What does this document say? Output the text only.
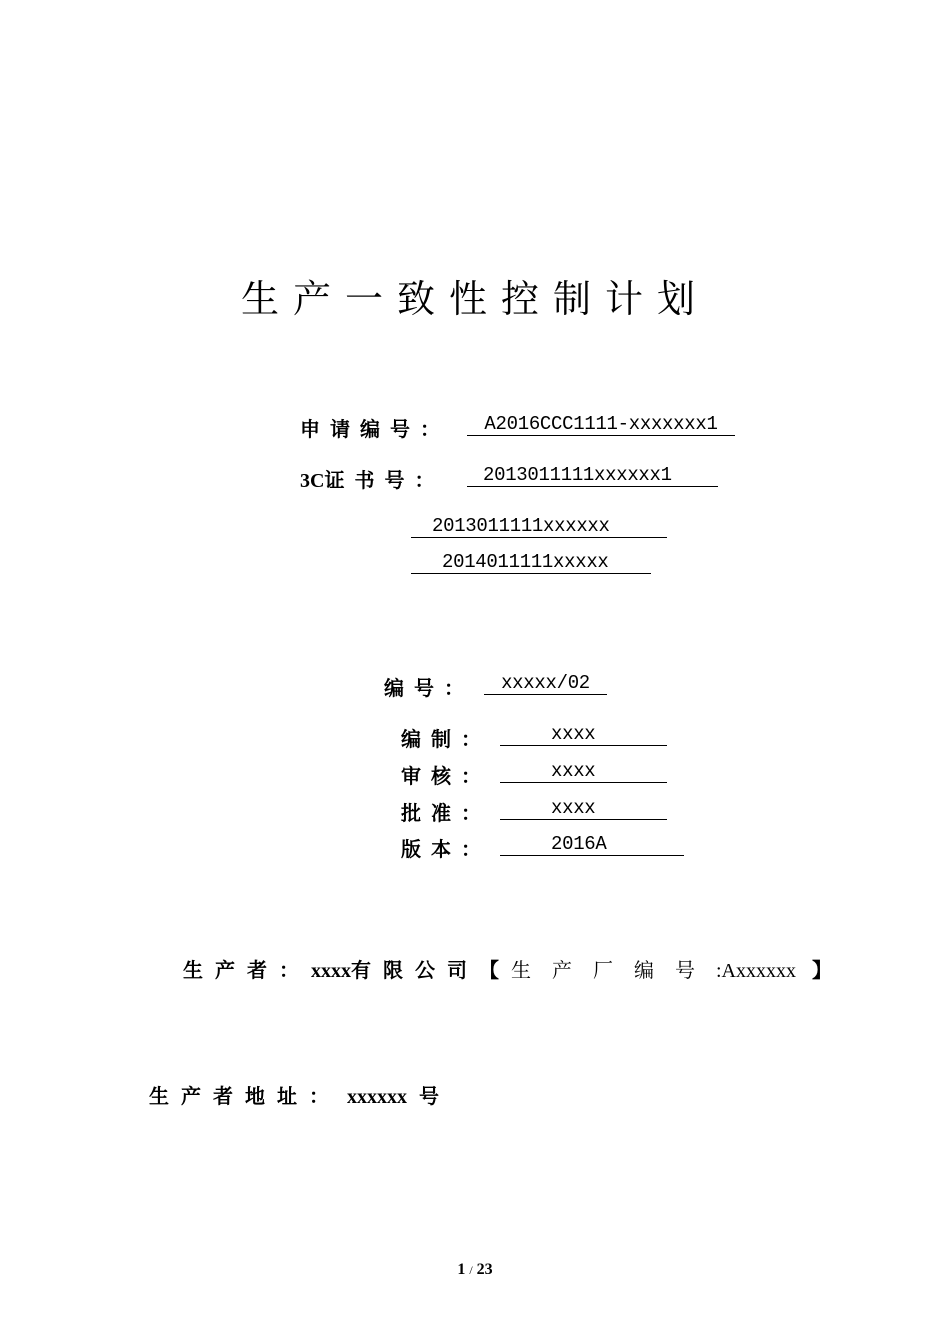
生产一致性控制计划
申请编号：	A2016CCC1111-xxxxxxx1
3C证书号：	2013011111xxxxxx1
2013011111xxxxxx
2014011111xxxxx
编号：	xxxxx/02
编制：	xxxx
审核：	xxxx
批准：	xxxx
版本：	2016A
生产者：xxxx有限公司【生产厂编号:Axxxxxx 】
生产者地址： xxxxxx 号
1 / 23
